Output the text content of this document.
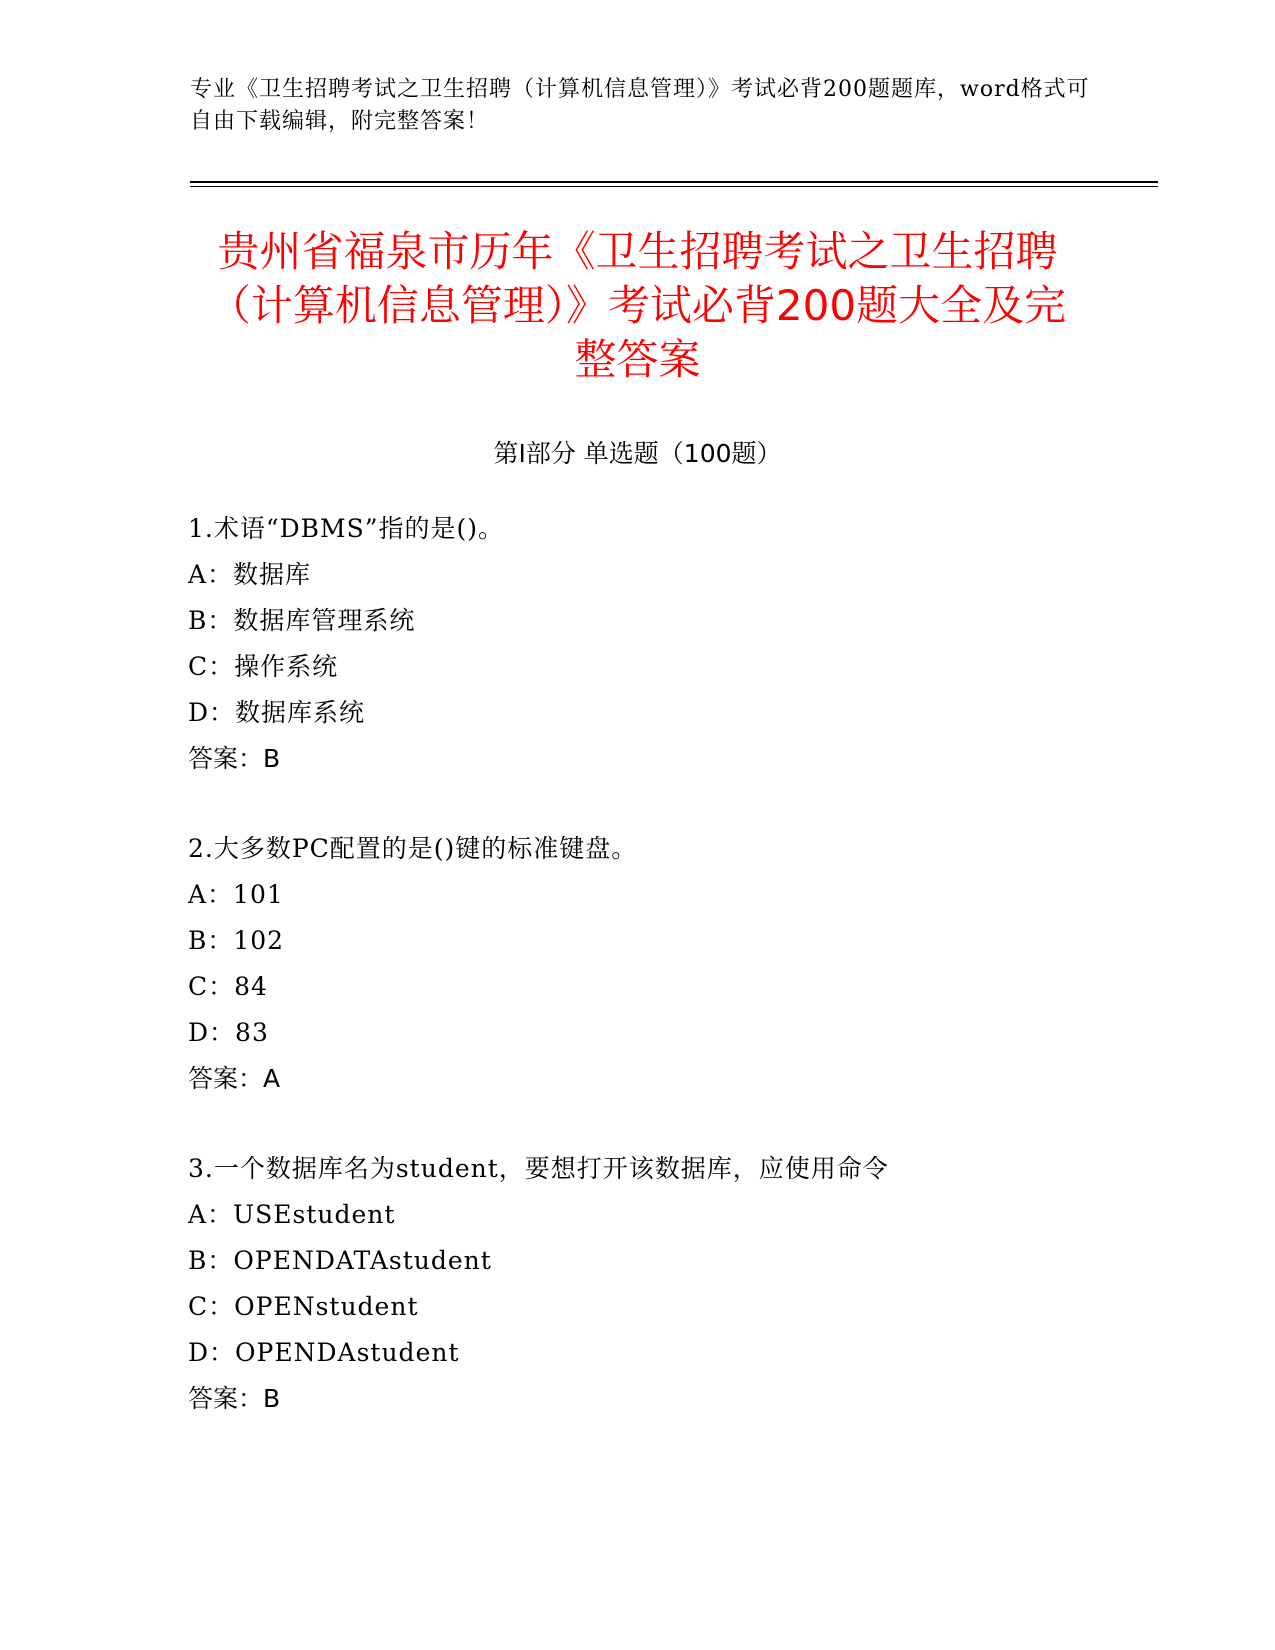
专业《卫生招聘考试之卫生招聘（计算机信息管理）》考试必背200题题库，word格式可自由下载编辑，附完整答案！
贵州省福泉市历年《卫生招聘考试之卫生招聘（计算机信息管理）》考试必背200题大全及完整答案
第Ⅰ部分 单选题（100题）
1.术语“DBMS”指的是()。
A：数据库
B：数据库管理系统
C：操作系统
D：数据库系统
答案：B
2.大多数PC配置的是()键的标准键盘。
A：101
B：102
C：84
D：83
答案：A
3.一个数据库名为student，要想打开该数据库，应使用命令
A：USEstudent
B：OPENDATAstudent
C：OPENstudent
D：OPENDAstudent
答案：B
